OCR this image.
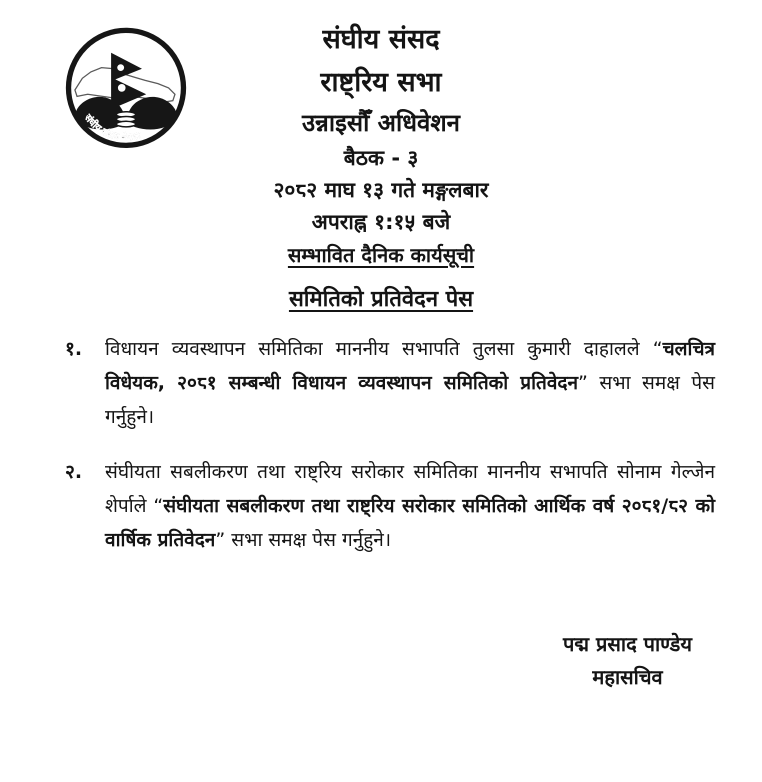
संघीय संसद नेपाल
संघीय संसद
राष्ट्रिय सभा
उन्नाइसौँ अधिवेशन
बैठक - ३
२०८२ माघ १३ गते मङ्गलबार
अपराह्न १:१५ बजे
सम्भावित दैनिक कार्यसूची
समितिको प्रतिवेदन पेस
१.	विधायन व्यवस्थापन समितिका माननीय सभापति तुलसा कुमारी दाहालले “चलचित्र विधेयक, २०८१ सम्बन्धी विधायन व्यवस्थापन समितिको प्रतिवेदन” सभा समक्ष पेस गर्नुहुने।
२.	संघीयता सबलीकरण तथा राष्ट्रिय सरोकार समितिका माननीय सभापति सोनाम गेल्जेन शेर्पाले “संघीयता सबलीकरण तथा राष्ट्रिय सरोकार समितिको आर्थिक वर्ष २०८१/८२ को वार्षिक प्रतिवेदन” सभा समक्ष पेस गर्नुहुने।
पद्म प्रसाद पाण्डेय
महासचिव
